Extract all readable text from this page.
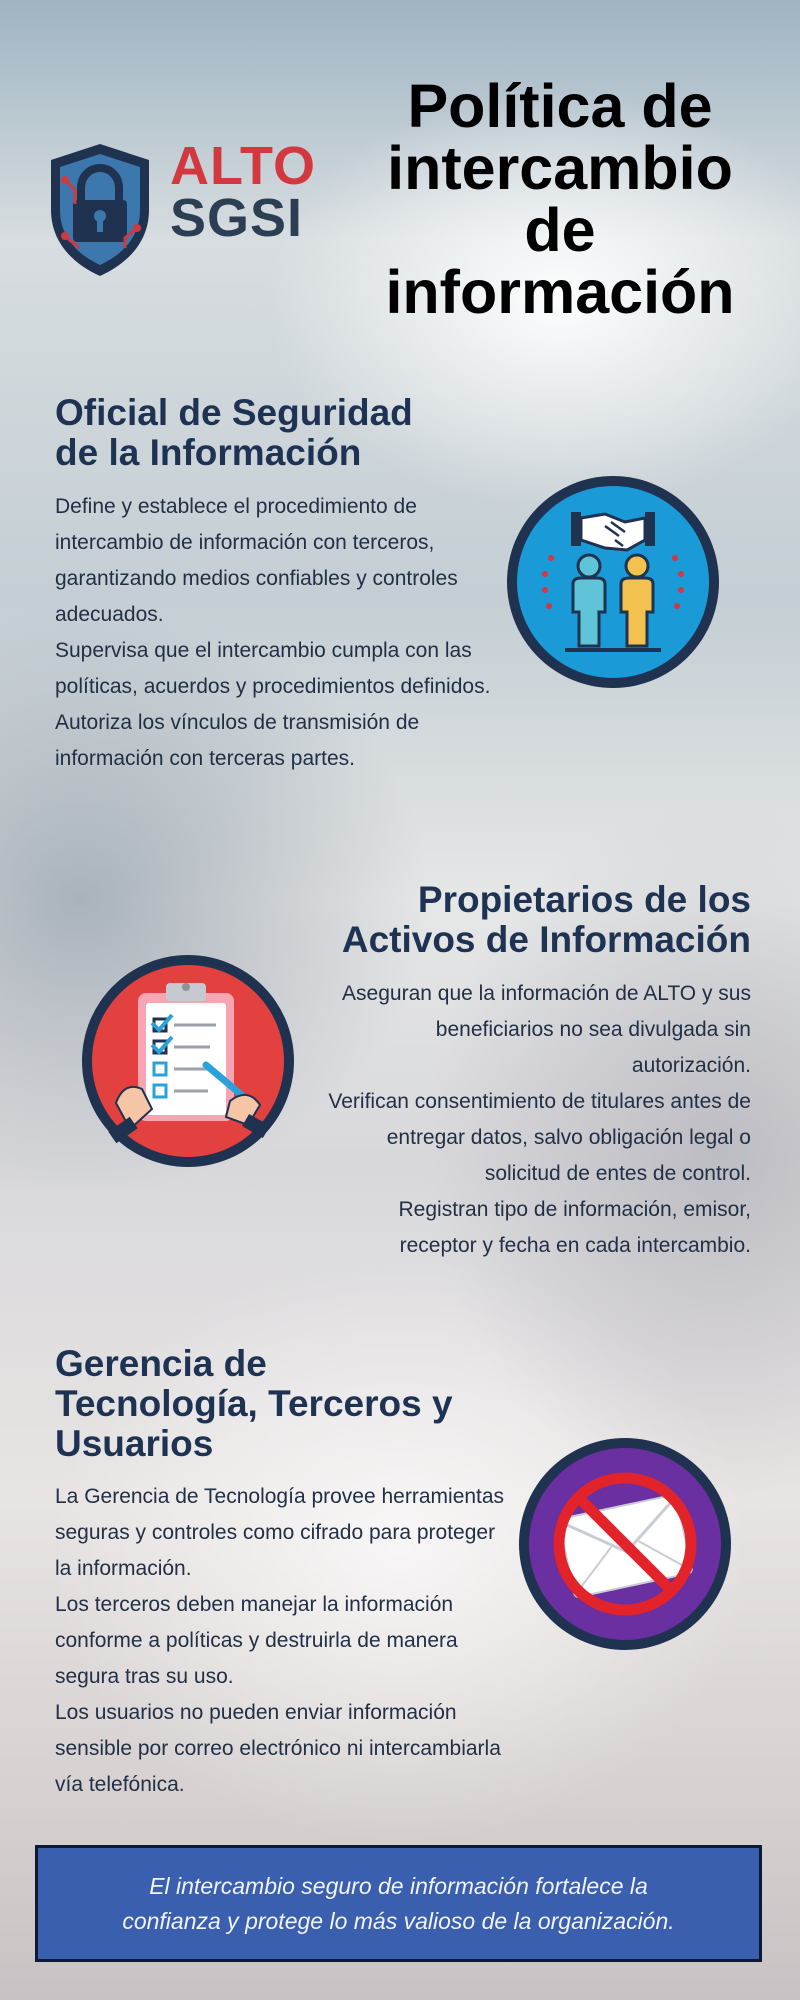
Política de
intercambio
de
información
ALTO
SGSI
Oficial de Seguridad
de la Información

Define y establece el procedimiento de intercambio de información con terceros, garantizando medios confiables y controles adecuados.

Supervisa que el intercambio cumpla con las políticas, acuerdos y procedimientos definidos.

Autoriza los vínculos de transmisión de información con terceras partes.

Propietarios de los
Activos de Información

Aseguran que la información de ALTO y sus beneficiarios no sea divulgada sin autorización.

Verifican consentimiento de titulares antes de entregar datos, salvo obligación legal o solicitud de entes de control.

Registran tipo de información, emisor, receptor y fecha en cada intercambio.

Gerencia de
Tecnología, Terceros y
Usuarios

La Gerencia de Tecnología provee herramientas seguras y controles como cifrado para proteger la información.

Los terceros deben manejar la información conforme a políticas y destruirla de manera segura tras su uso.

Los usuarios no pueden enviar información sensible por correo electrónico ni intercambiarla vía telefónica.

El intercambio seguro de información fortalece la
confianza y protege lo más valioso de la organización.
